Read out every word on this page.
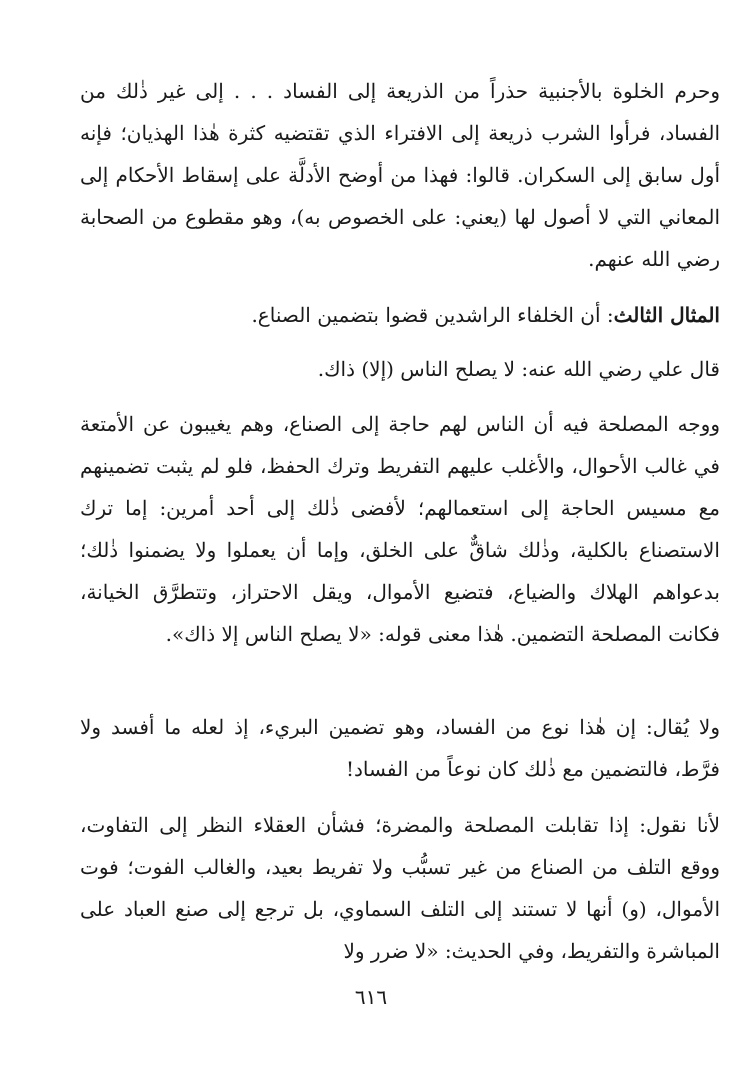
وحرم الخلوة بالأجنبية حذراً من الذريعة إلى الفساد . . . إلى غير ذٰلك من الفساد، فرأوا الشرب ذريعة إلى الافتراء الذي تقتضيه كثرة هٰذا الهذيان؛ فإنه أول سابق إلى السكران. قالوا: فهذا من أوضح الأدلَّة على إسقاط الأحكام إلى المعاني التي لا أصول لها (يعني: على الخصوص به)، وهو مقطوع من الصحابة رضي الله عنهم.

المثال الثالث: أن الخلفاء الراشدين قضوا بتضمين الصناع.

قال علي رضي الله عنه: لا يصلح الناس (إلا) ذاك.

ووجه المصلحة فيه أن الناس لهم حاجة إلى الصناع، وهم يغيبون عن الأمتعة في غالب الأحوال، والأغلب عليهم التفريط وترك الحفظ، فلو لم يثبت تضمينهم مع مسيس الحاجة إلى استعمالهم؛ لأفضى ذٰلك إلى أحد أمرين: إما ترك الاستصناع بالكلية، وذٰلك شاقٌّ على الخلق، وإما أن يعملوا ولا يضمنوا ذٰلك؛ بدعواهم الهلاك والضياع، فتضيع الأموال، ويقل الاحتراز، وتتطرَّق الخيانة، فكانت المصلحة التضمين. هٰذا معنى قوله: «لا يصلح الناس إلا ذاك».

ولا يُقال: إن هٰذا نوع من الفساد، وهو تضمين البريء، إذ لعله ما أفسد ولا فرَّط، فالتضمين مع ذٰلك كان نوعاً من الفساد!

لأنا نقول: إذا تقابلت المصلحة والمضرة؛ فشأن العقلاء النظر إلى التفاوت، ووقع التلف من الصناع من غير تسبُّب ولا تفريط بعيد، والغالب الفوت؛ فوت الأموال، (و) أنها لا تستند إلى التلف السماوي، بل ترجع إلى صنع العباد على المباشرة والتفريط، وفي الحديث: «لا ضرر ولا

٦١٦
